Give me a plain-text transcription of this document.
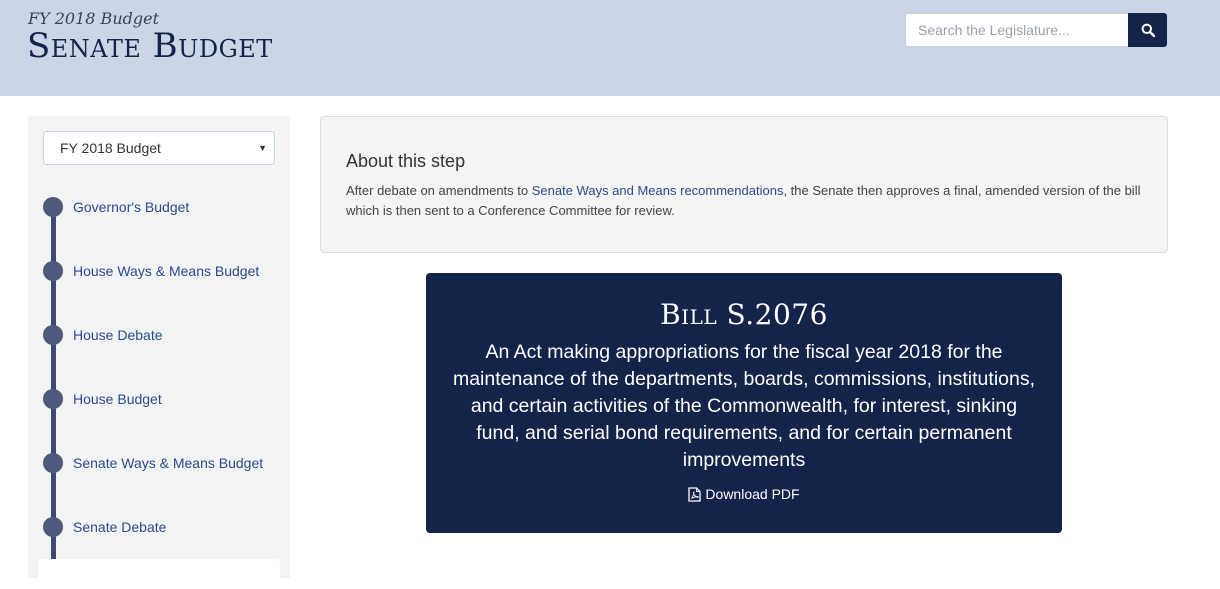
FY 2018 Budget
Senate Budget
Search the Legislature...
FY 2018 Budget	▼
Governor's Budget
House Ways & Means Budget
House Debate
House Budget
Senate Ways & Means Budget
Senate Debate
About this step
After debate on amendments to Senate Ways and Means recommendations, the Senate then approves a final, amended version of the bill which is then sent to a Conference Committee for review.
Bill S.2076
An Act making appropriations for the fiscal year 2018 for the maintenance of the departments, boards, commissions, institutions, and certain activities of the Commonwealth, for interest, sinking fund, and serial bond requirements, and for certain permanent improvements
Download PDF
